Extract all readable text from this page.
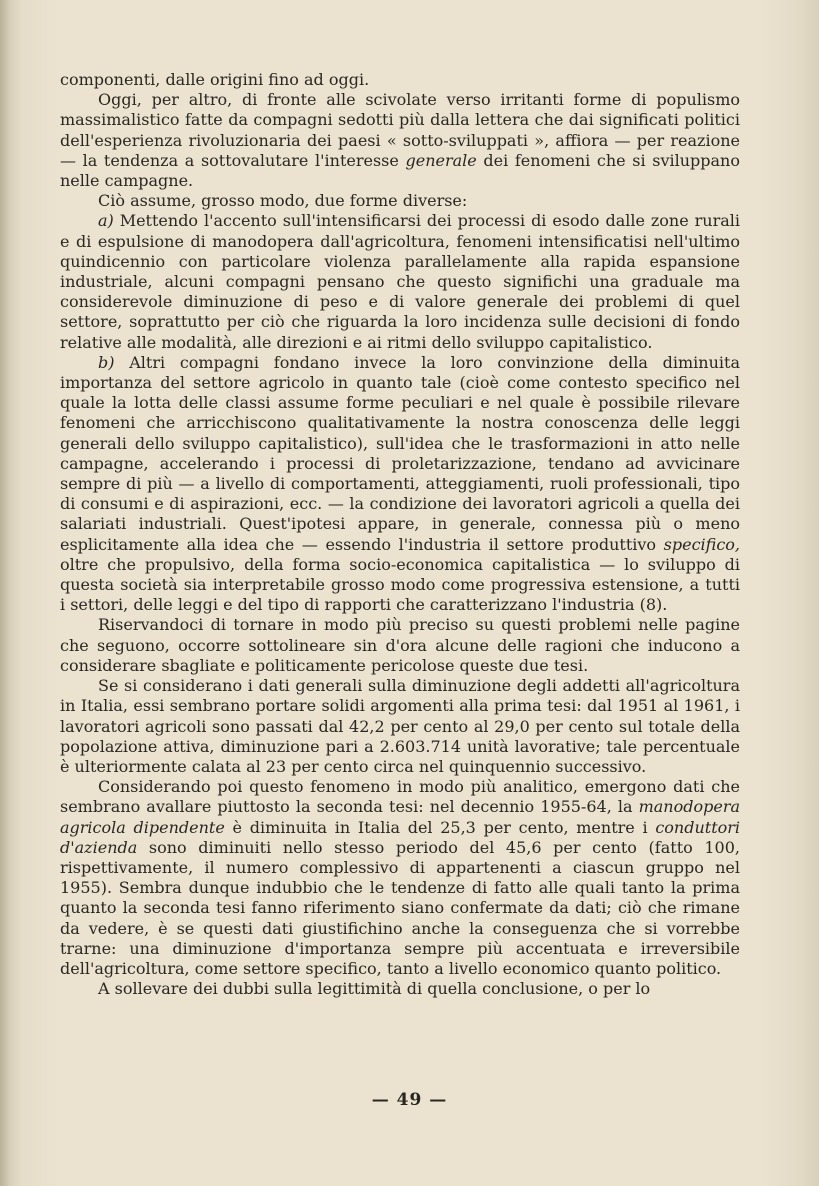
componenti, dalle origini fino ad oggi.

Oggi, per altro, di fronte alle scivolate verso irritanti forme di populismo massimalistico fatte da compagni sedotti più dalla lettera che dai significati politici dell'esperienza rivoluzionaria dei paesi « sotto-sviluppati », affiora — per reazione — la tendenza a sottovalutare l'interesse generale dei fenomeni che si sviluppano nelle campagne.

Ciò assume, grosso modo, due forme diverse:

a) Mettendo l'accento sull'intensificarsi dei processi di esodo dalle zone rurali e di espulsione di manodopera dall'agricoltura, fenomeni intensificatisi nell'ultimo quindicennio con particolare violenza parallelamente alla rapida espansione industriale, alcuni compagni pensano che questo significhi una graduale ma considerevole diminuzione di peso e di valore generale dei problemi di quel settore, soprattutto per ciò che riguarda la loro incidenza sulle decisioni di fondo relative alle modalità, alle direzioni e ai ritmi dello sviluppo capitalistico.

b) Altri compagni fondano invece la loro convinzione della diminuita importanza del settore agricolo in quanto tale (cioè come contesto specifico nel quale la lotta delle classi assume forme peculiari e nel quale è possibile rilevare fenomeni che arricchiscono qualitativamente la nostra conoscenza delle leggi generali dello sviluppo capitalistico), sull'idea che le trasformazioni in atto nelle campagne, accelerando i processi di proletarizzazione, tendano ad avvicinare sempre di più — a livello di comportamenti, atteggiamenti, ruoli professionali, tipo di consumi e di aspirazioni, ecc. — la condizione dei lavoratori agricoli a quella dei salariati industriali. Quest'ipotesi appare, in generale, connessa più o meno esplicitamente alla idea che — essendo l'industria il settore produttivo specifico, oltre che propulsivo, della forma socio-economica capitalistica — lo sviluppo di questa società sia interpretabile grosso modo come progressiva estensione, a tutti i settori, delle leggi e del tipo di rapporti che caratterizzano l'industria (8).

Riservandoci di tornare in modo più preciso su questi problemi nelle pagine che seguono, occorre sottolineare sin d'ora alcune delle ragioni che inducono a considerare sbagliate e politicamente pericolose queste due tesi.

Se si considerano i dati generali sulla diminuzione degli addetti all'agricoltura in Italia, essi sembrano portare solidi argomenti alla prima tesi: dal 1951 al 1961, i lavoratori agricoli sono passati dal 42,2 per cento al 29,0 per cento sul totale della popolazione attiva, diminuzione pari a 2.603.714 unità lavorative; tale percentuale è ulteriormente calata al 23 per cento circa nel quinquennio successivo.

Considerando poi questo fenomeno in modo più analitico, emergono dati che sembrano avallare piuttosto la seconda tesi: nel decennio 1955-64, la manodopera agricola dipendente è diminuita in Italia del 25,3 per cento, mentre i conduttori d'azienda sono diminuiti nello stesso periodo del 45,6 per cento (fatto 100, rispettivamente, il numero complessivo di appartenenti a ciascun gruppo nel 1955). Sembra dunque indubbio che le tendenze di fatto alle quali tanto la prima quanto la seconda tesi fanno riferimento siano confermate da dati; ciò che rimane da vedere, è se questi dati giustifichino anche la conseguenza che si vorrebbe trarne: una diminuzione d'importanza sempre più accentuata e irreversibile dell'agricoltura, come settore specifico, tanto a livello economico quanto politico.

A sollevare dei dubbi sulla legittimità di quella conclusione, o per lo

— 49 —
